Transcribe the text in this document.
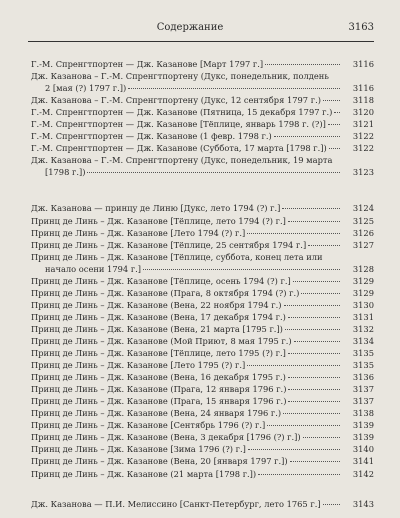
Содержание	3163
Г.-М. Спренгтпортен — Дж. Казанове [Март 1797 г.]	3116
Дж. Казанова – Г.-М. Спренгтпортену (Дукс, понедельник, полдень
2 [мая (?) 1797 г.])	3116
Дж. Казанова – Г.-М. Спренгтпортену (Дукс, 12 сентября 1797 г.)	3118
Г.-М. Спренгтпортен — Дж. Казанове (Пятница, 15 декабря 1797 г.)	3120
Г.-М. Спренгтпортен — Дж. Казанове [Тёплице, январь 1798 г. (?)]	3121
Г.-М. Спренгтпортен — Дж. Казанове (1 февр. 1798 г.)	3122
Г.-М. Спренгтпортен — Дж. Казанове (Субботa, 17 марта [1798 г.])	3122
Дж. Казанова – Г.-М. Спренгтпортену (Дукс, понедельник, 19 марта
[1798 г.])	3123
Дж. Казанова — принцу де Линю [Дукс, лето 1794 (?) г.]	3124
Принц де Линь – Дж. Казанове [Тёплице, лето 1794 (?) г.]	3125
Принц де Линь – Дж. Казанове [Лето 1794 (?) г.]	3126
Принц де Линь – Дж. Казанове [Тёплице, 25 сентября 1794 г.]	3127
Принц де Линь – Дж. Казанове [Тёплице, суббота, конец лета или
начало осени 1794 г.]	3128
Принц де Линь – Дж. Казанове [Тёплице, осень 1794 (?) г.]	3129
Принц де Линь – Дж. Казанове (Прага, 8 октября 1794 (?) г.)	3129
Принц де Линь – Дж. Казанове (Вена, 22 ноября 1794 г.)	3130
Принц де Линь – Дж. Казанове (Вена, 17 декабря 1794 г.)	3131
Принц де Линь – Дж. Казанове (Вена, 21 марта [1795 г.])	3132
Принц де Линь – Дж. Казанове (Мой Приют, 8 мая 1795 г.)	3134
Принц де Линь – Дж. Казанове [Тёплице, лето 1795 (?) г.]	3135
Принц де Линь – Дж. Казанове [Лето 1795 (?) г.]	3135
Принц де Линь – Дж. Казанове (Вена, 16 декабря 1795 г.)	3136
Принц де Линь – Дж. Казанове (Прага, 12 января 1796 г.)	3137
Принц де Линь – Дж. Казанове (Прага, 15 января 1796 г.)	3137
Принц де Линь – Дж. Казанове (Вена, 24 января 1796 г.)	3138
Принц де Линь – Дж. Казанове [Сентябрь 1796 (?) г.]	3139
Принц де Линь – Дж. Казанове (Вена, 3 декабря [1796 (?) г.])	3139
Принц де Линь – Дж. Казанове [Зима 1796 (?) г.]	3140
Принц де Линь – Дж. Казанове (Вена, 20 [января 1797 г.])	3141
Принц де Линь – Дж. Казанове (21 марта [1798 г.])	3142
Дж. Казанова — П.И. Мелиссино [Санкт-Петербург, лето 1765 г.]	3143
